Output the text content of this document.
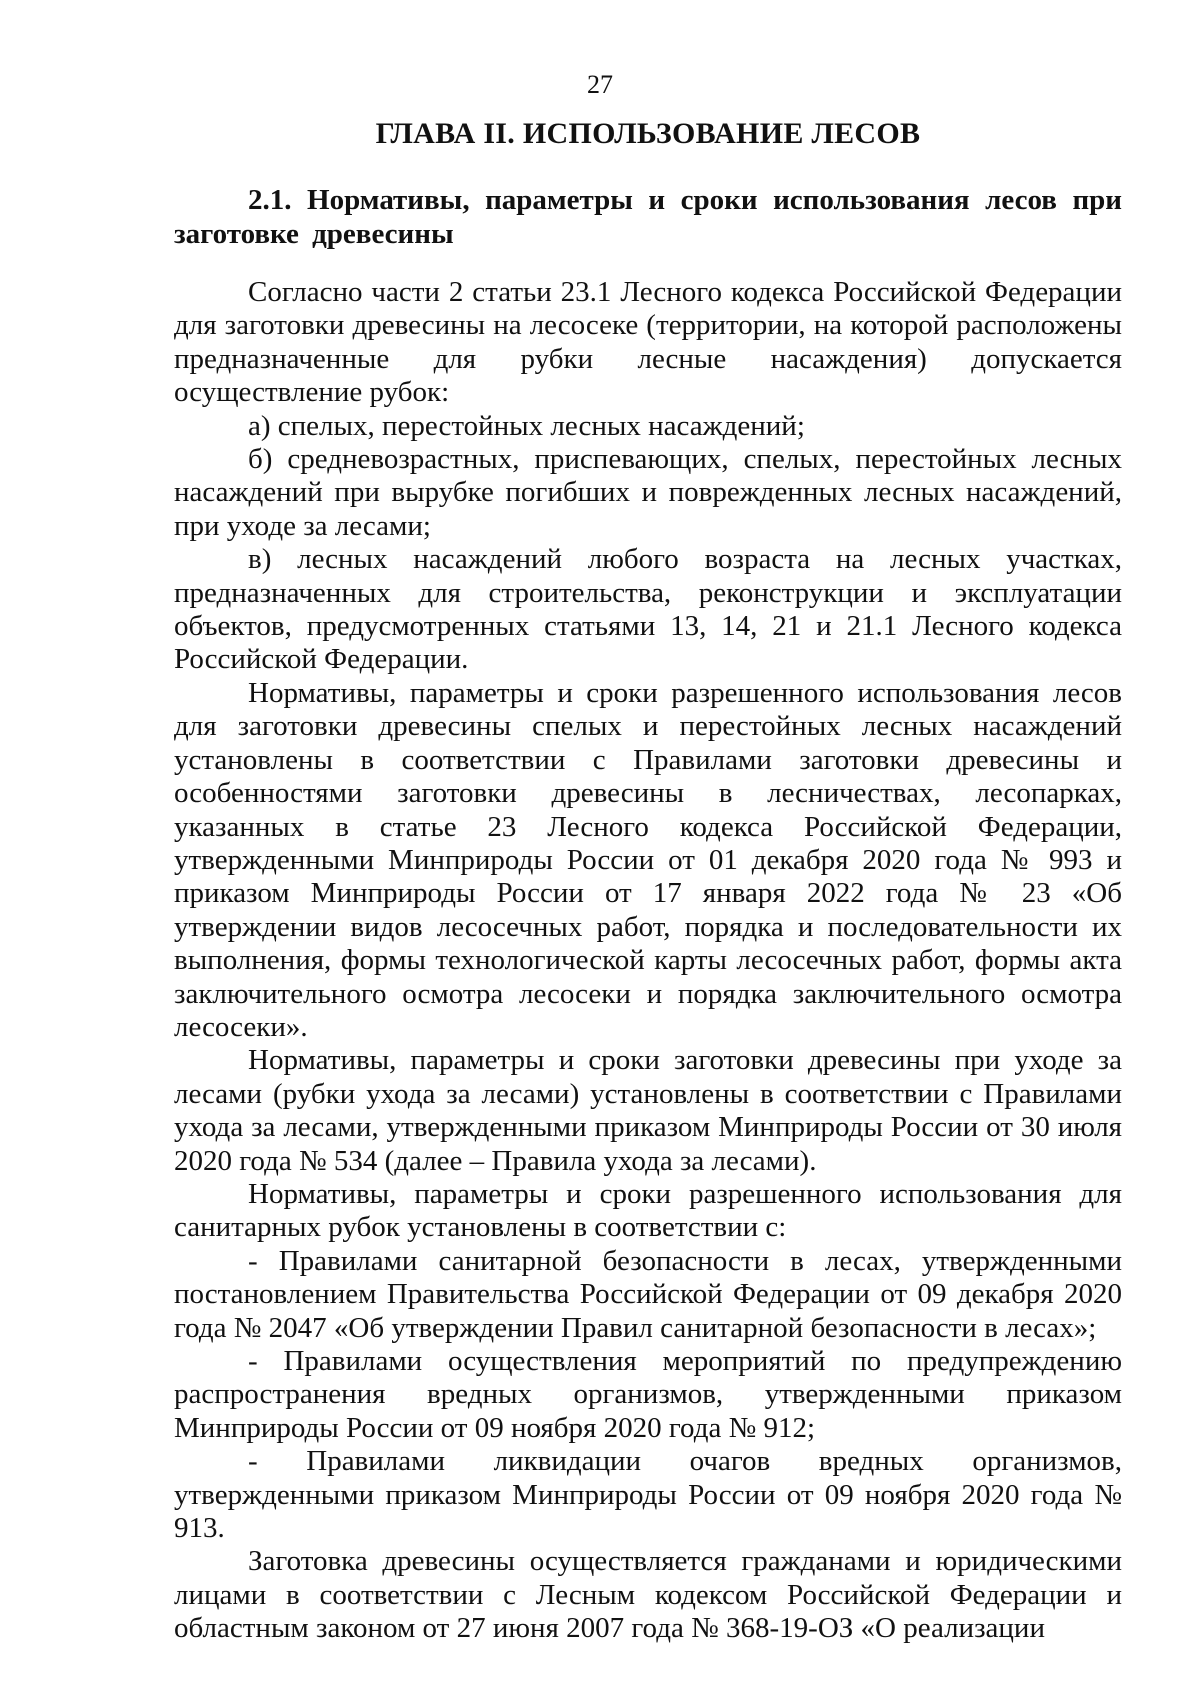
27
ГЛАВА II. ИСПОЛЬЗОВАНИЕ ЛЕСОВ
2.1. Нормативы, параметры и сроки использования лесов при заготовке древесины

Согласно части 2 статьи 23.1 Лесного кодекса Российской Федерации для заготовки древесины на лесосеке (территории, на которой расположены предназначенные для рубки лесные насаждения) допускается осуществление рубок:

а) спелых, перестойных лесных насаждений;

б) средневозрастных, приспевающих, спелых, перестойных лесных насаждений при вырубке погибших и поврежденных лесных насаждений, при уходе за лесами;

в) лесных насаждений любого возраста на лесных участках, предназначенных для строительства, реконструкции и эксплуатации объектов, предусмотренных статьями 13, 14, 21 и 21.1 Лесного кодекса Российской Федерации.

Нормативы, параметры и сроки разрешенного использования лесов для заготовки древесины спелых и перестойных лесных насаждений установлены в соответствии с Правилами заготовки древесины и особенностями заготовки древесины в лесничествах, лесопарках, указанных в статье 23 Лесного кодекса Российской Федерации, утвержденными Минприроды России от 01 декабря 2020 года № 993 и приказом Минприроды России от 17 января 2022 года № 23 «Об утверждении видов лесосечных работ, порядка и последовательности их выполнения, формы технологической карты лесосечных работ, формы акта заключительного осмотра лесосеки и порядка заключительного осмотра лесосеки».

Нормативы, параметры и сроки заготовки древесины при уходе за лесами (рубки ухода за лесами) установлены в соответствии с Правилами ухода за лесами, утвержденными приказом Минприроды России от 30 июля 2020 года № 534 (далее – Правила ухода за лесами).

Нормативы, параметры и сроки разрешенного использования для санитарных рубок установлены в соответствии с:

- Правилами санитарной безопасности в лесах, утвержденными постановлением Правительства Российской Федерации от 09 декабря 2020 года № 2047 «Об утверждении Правил санитарной безопасности в лесах»;

- Правилами осуществления мероприятий по предупреждению распространения вредных организмов, утвержденными приказом Минприроды России от 09 ноября 2020 года № 912;

- Правилами ликвидации очагов вредных организмов, утвержденными приказом Минприроды России от 09 ноября 2020 года № 913.

Заготовка древесины осуществляется гражданами и юридическими лицами в соответствии с Лесным кодексом Российской Федерации и областным законом от 27 июня 2007 года № 368-19-ОЗ «О реализации
